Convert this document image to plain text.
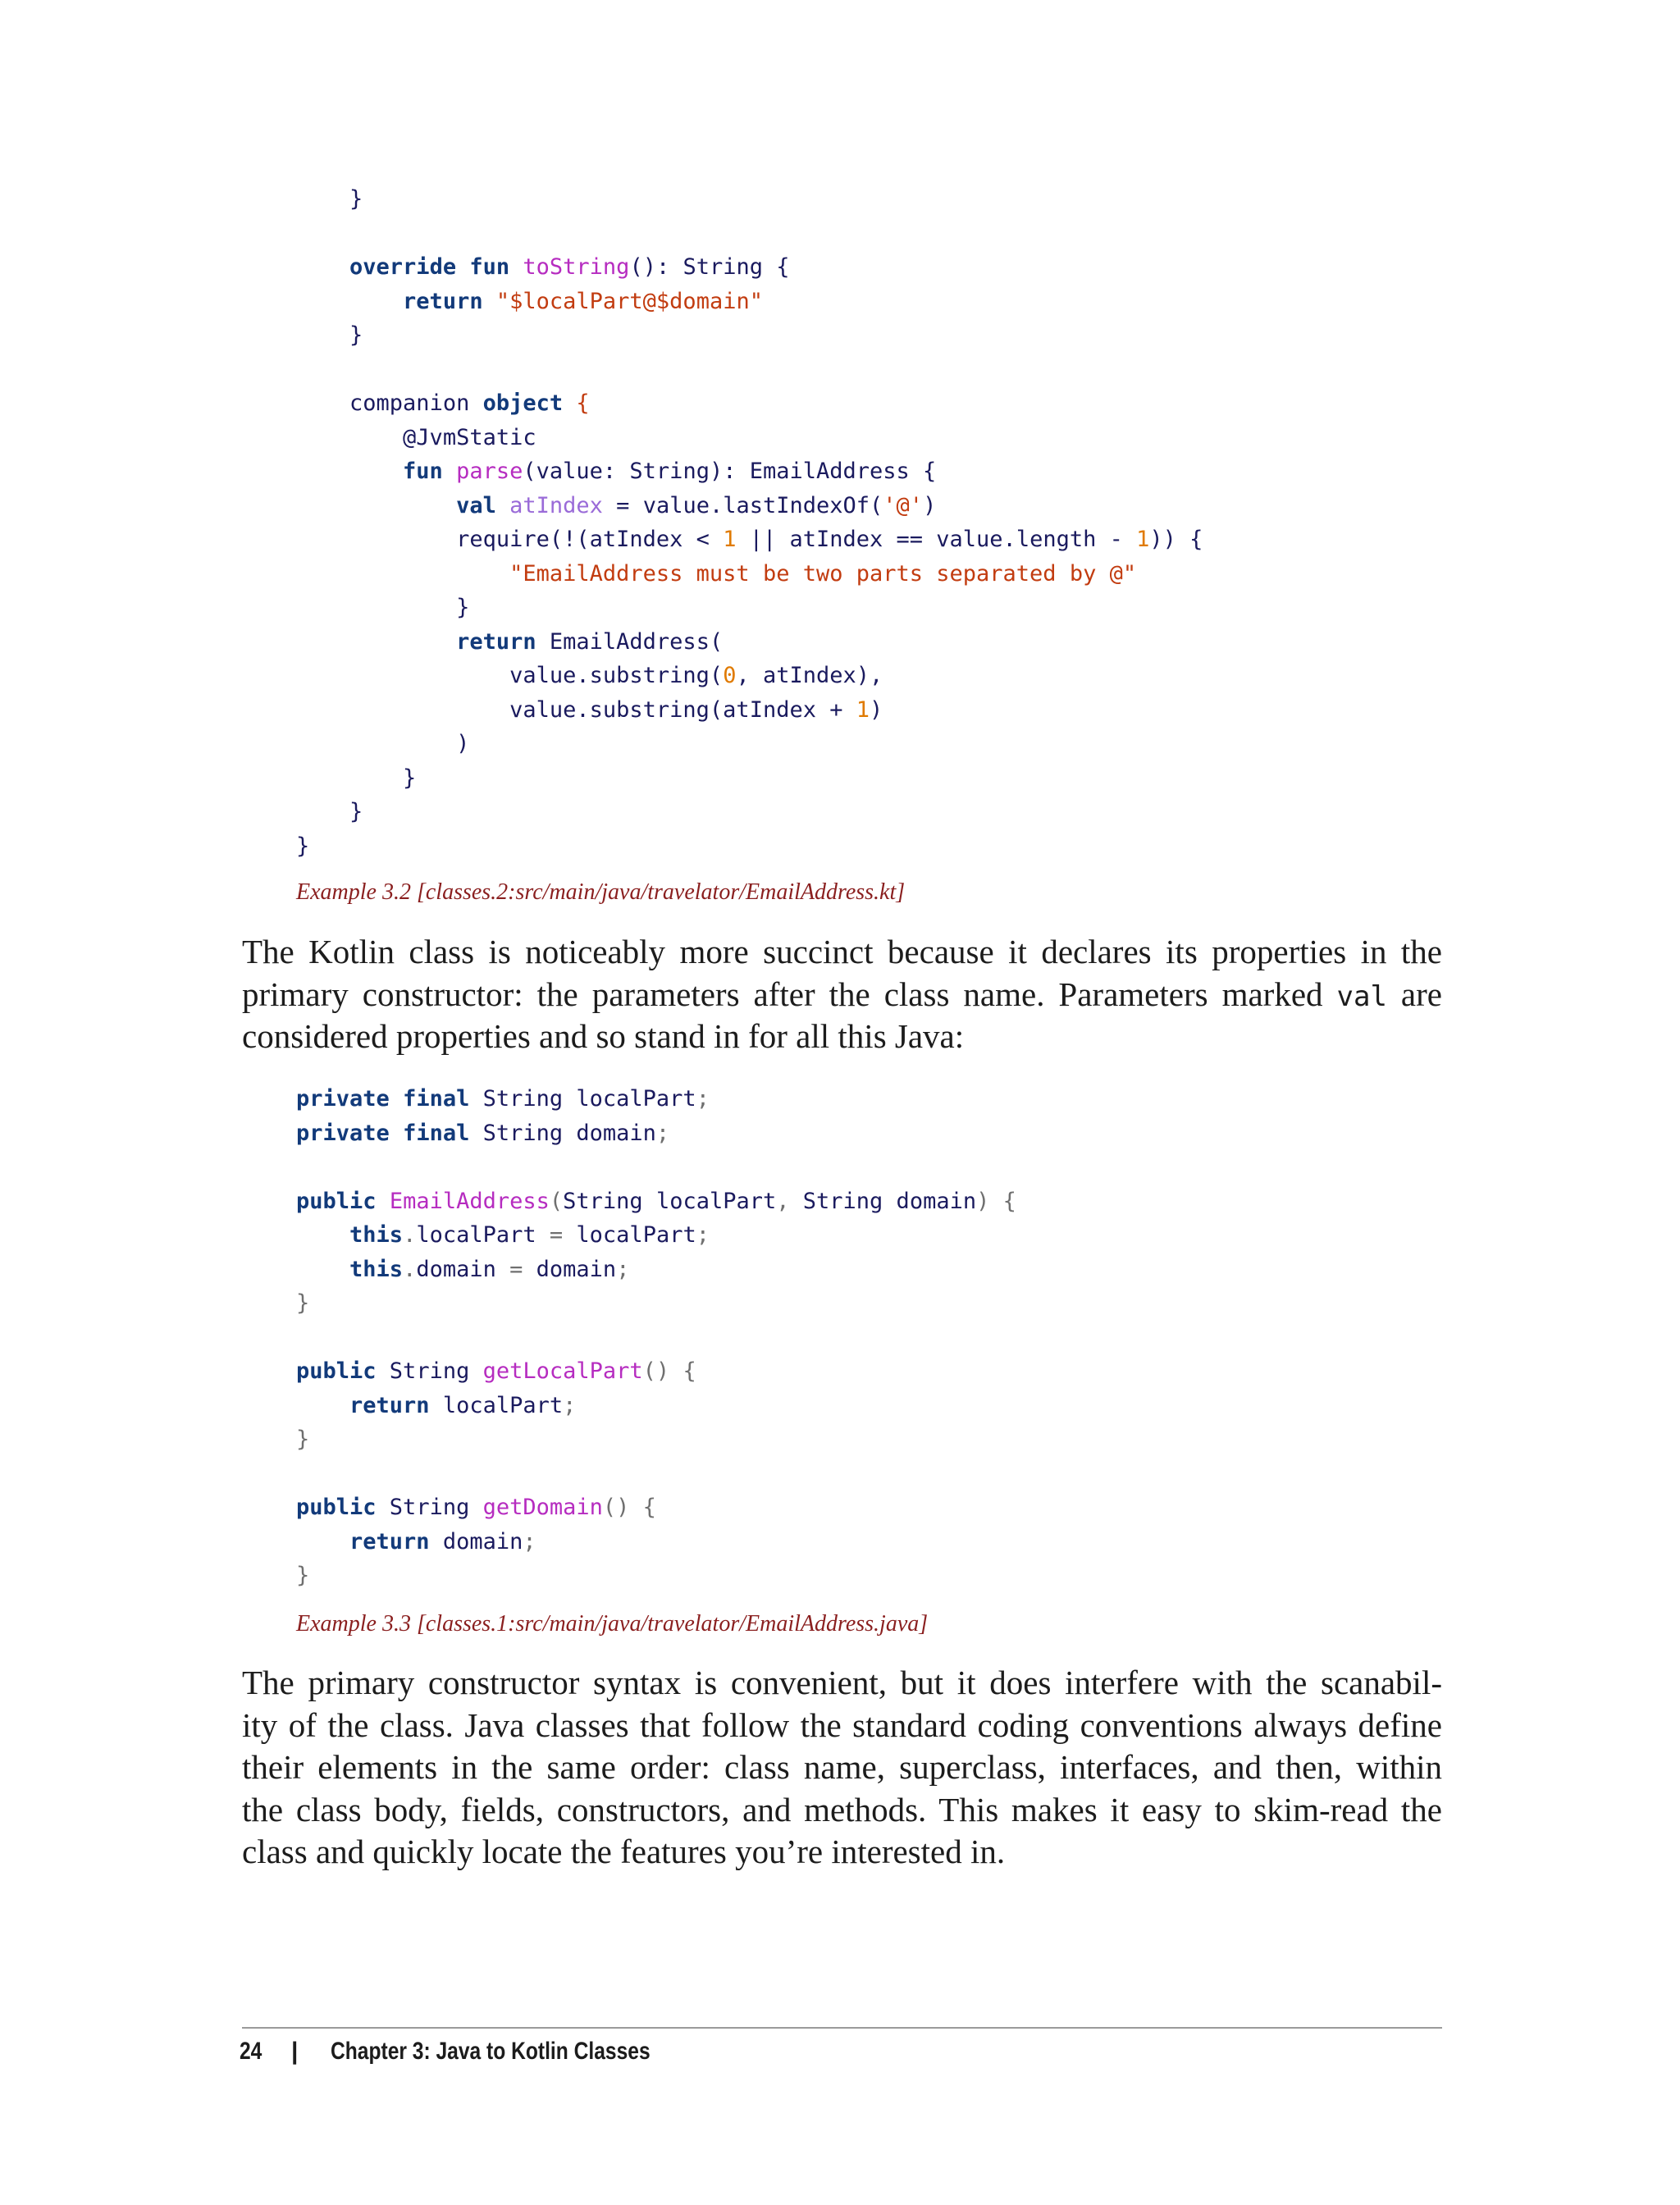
}
override fun toString(): String {
return "$localPart@$domain"
}
companion object {
@JvmStatic
fun parse(value: String): EmailAddress {
val atIndex = value.lastIndexOf('@')
require(!(atIndex < 1 || atIndex == value.length - 1)) {
"EmailAddress must be two parts separated by @"
}
return EmailAddress(
value.substring(0, atIndex),
value.substring(atIndex + 1)
)
}
}
}
Example 3.2 [classes.2:src/main/java/travelator/EmailAddress.kt]
The Kotlin class is noticeably more succinct because it declares its properties in the
primary constructor: the parameters after the class name. Parameters marked val are
considered properties and so stand in for all this Java:
private final String localPart;
private final String domain;
public EmailAddress(String localPart, String domain) {
this.localPart = localPart;
this.domain = domain;
}
public String getLocalPart() {
return localPart;
}
public String getDomain() {
return domain;
}
Example 3.3 [classes.1:src/main/java/travelator/EmailAddress.java]
The primary constructor syntax is convenient, but it does interfere with the scanabil-
ity of the class. Java classes that follow the standard coding conventions always define
their elements in the same order: class name, superclass, interfaces, and then, within
the class body, fields, constructors, and methods. This makes it easy to skim-read the
class and quickly locate the features you’re interested in.
24 | Chapter 3: Java to Kotlin Classes
